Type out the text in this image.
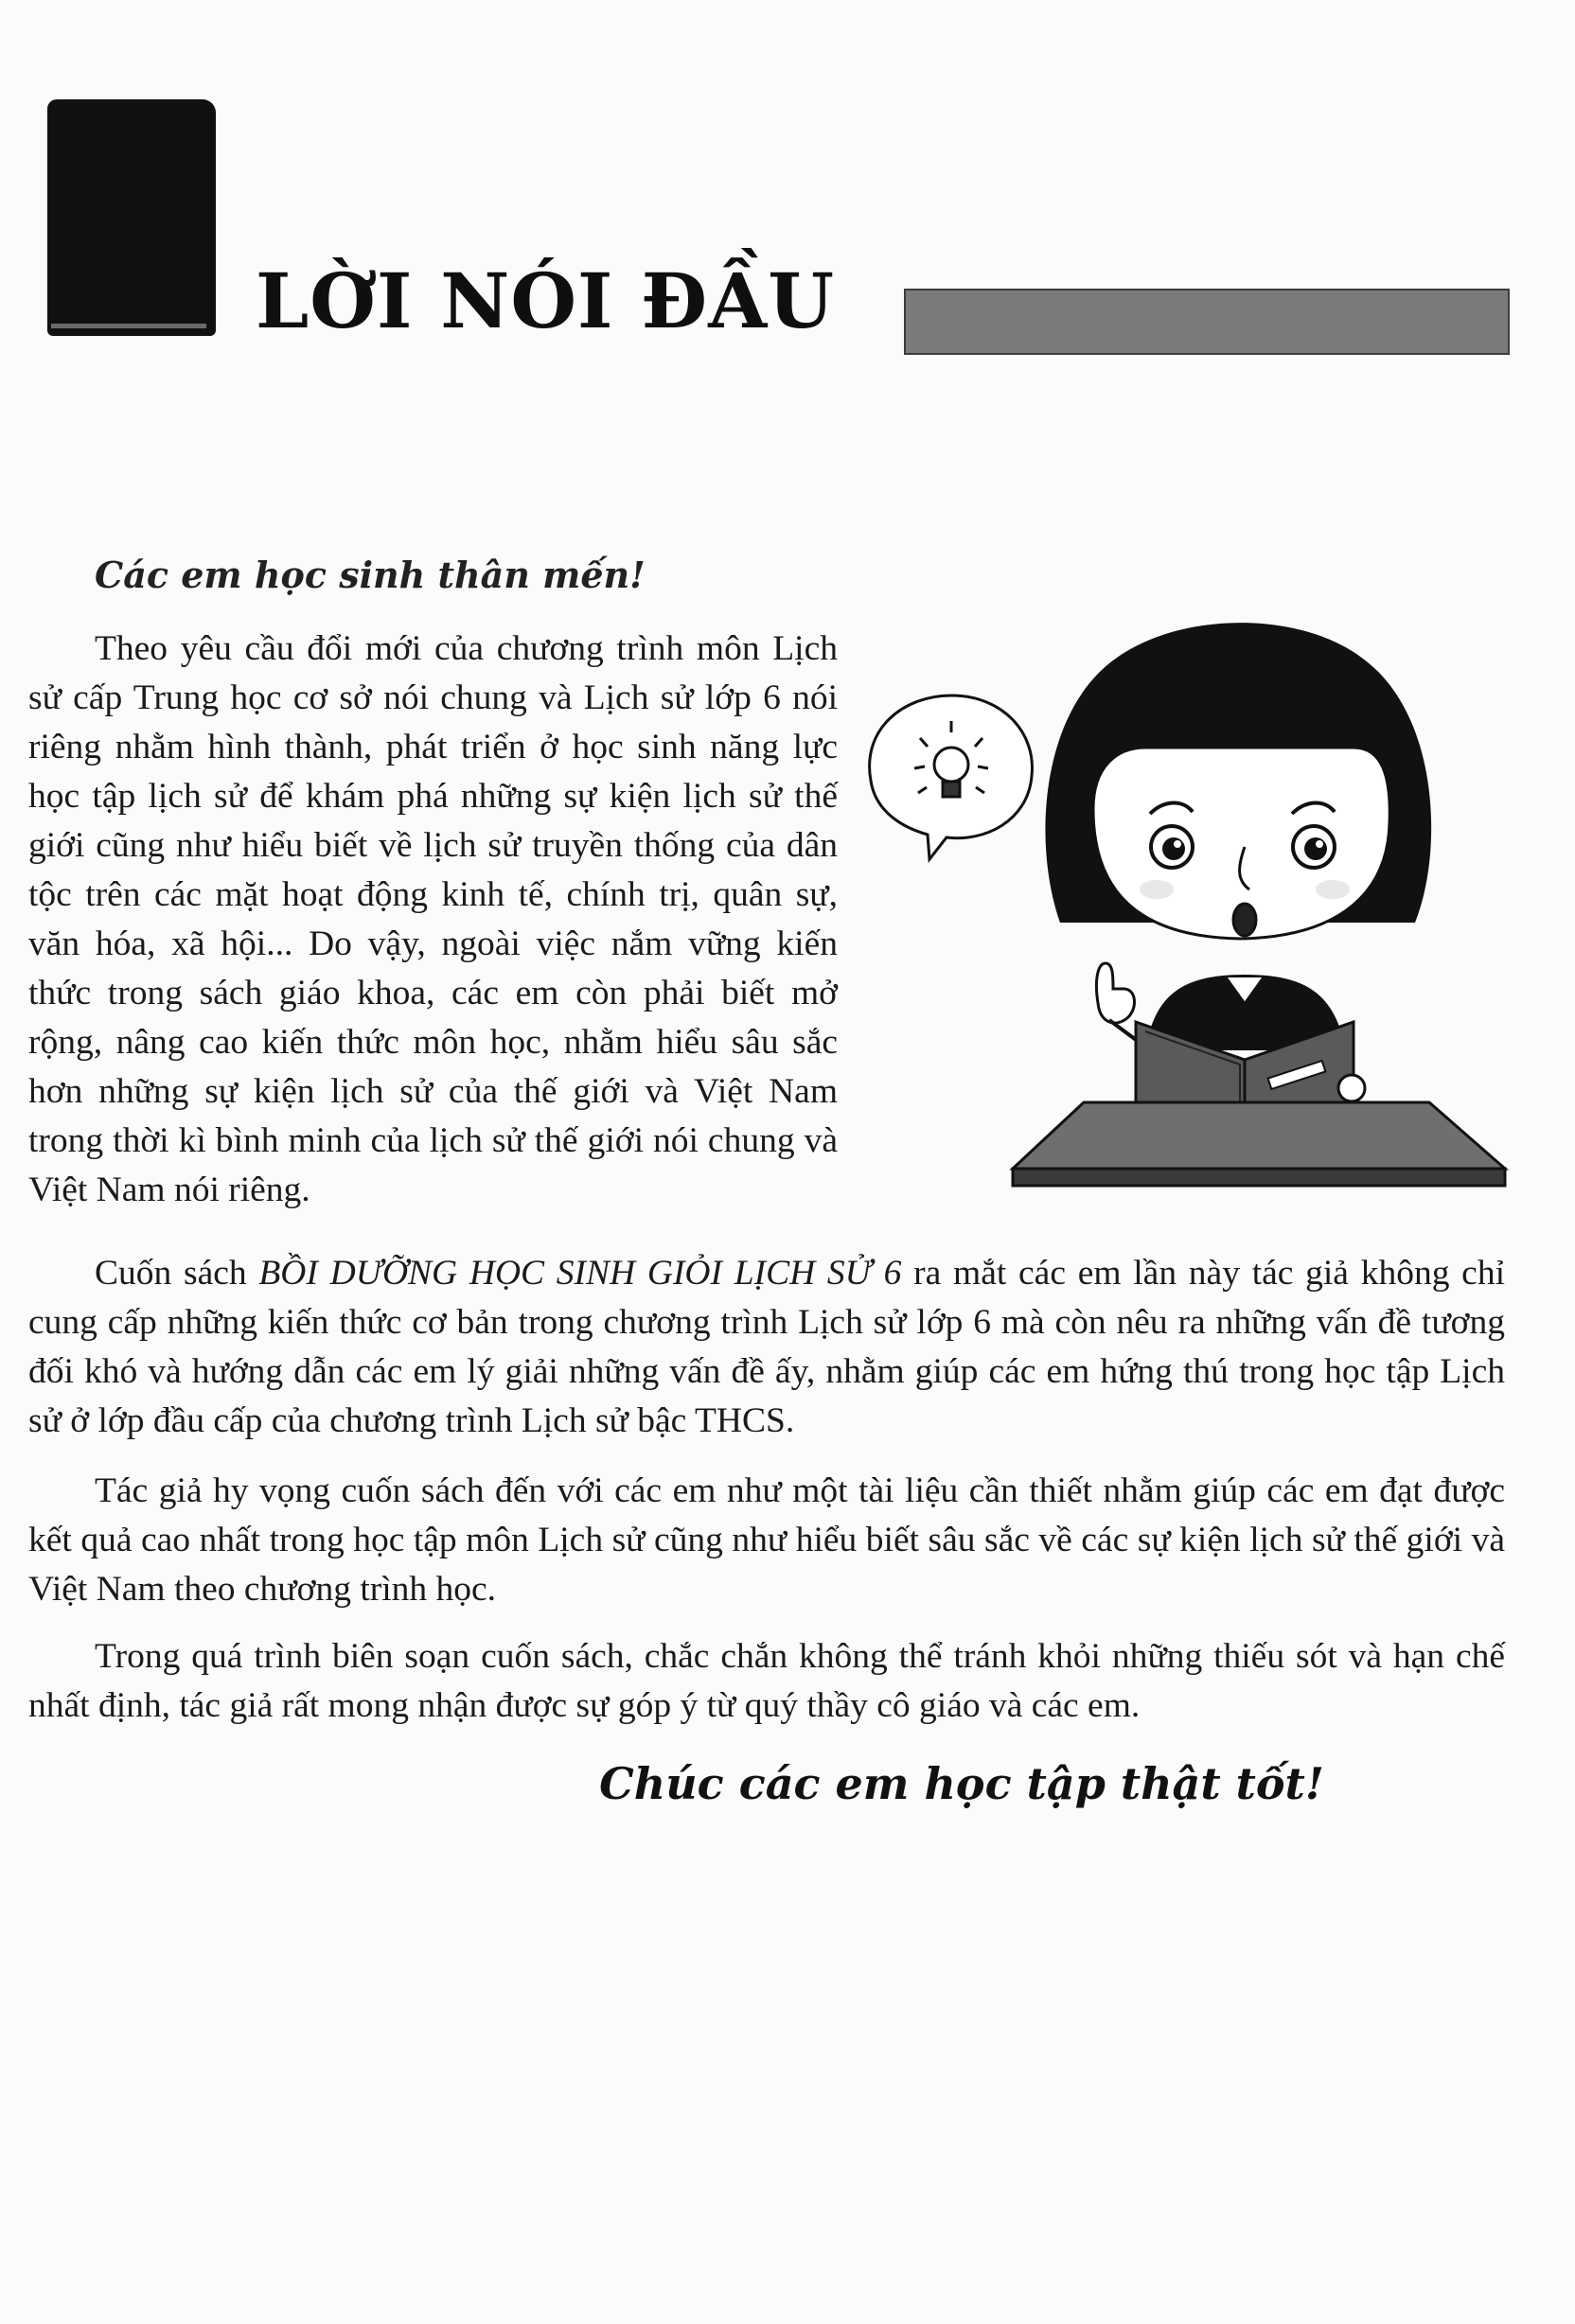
LỜI NÓI ĐẦU
Các em học sinh thân mến!

Theo yêu cầu đổi mới của chương trình môn Lịch sử cấp Trung học cơ sở nói chung và Lịch sử lớp 6 nói riêng nhằm hình thành, phát triển ở học sinh năng lực học tập lịch sử để khám phá những sự kiện lịch sử thế giới cũng như hiểu biết về lịch sử truyền thống của dân tộc trên các mặt hoạt động kinh tế, chính trị, quân sự, văn hóa, xã hội... Do vậy, ngoài việc nắm vững kiến thức trong sách giáo khoa, các em còn phải biết mở rộng, nâng cao kiến thức môn học, nhằm hiểu sâu sắc hơn những sự kiện lịch sử của thế giới và Việt Nam trong thời kì bình minh của lịch sử thế giới nói chung và Việt Nam nói riêng.

Cuốn sách BỒI DƯỠNG HỌC SINH GIỎI LỊCH SỬ 6 ra mắt các em lần này tác giả không chỉ cung cấp những kiến thức cơ bản trong chương trình Lịch sử lớp 6 mà còn nêu ra những vấn đề tương đối khó và hướng dẫn các em lý giải những vấn đề ấy, nhằm giúp các em hứng thú trong học tập Lịch sử ở lớp đầu cấp của chương trình Lịch sử bậc THCS.

Tác giả hy vọng cuốn sách đến với các em như một tài liệu cần thiết nhằm giúp các em đạt được kết quả cao nhất trong học tập môn Lịch sử cũng như hiểu biết sâu sắc về các sự kiện lịch sử thế giới và Việt Nam theo chương trình học.

Trong quá trình biên soạn cuốn sách, chắc chắn không thể tránh khỏi những thiếu sót và hạn chế nhất định, tác giả rất mong nhận được sự góp ý từ quý thầy cô giáo và các em.

Chúc các em học tập thật tốt!
